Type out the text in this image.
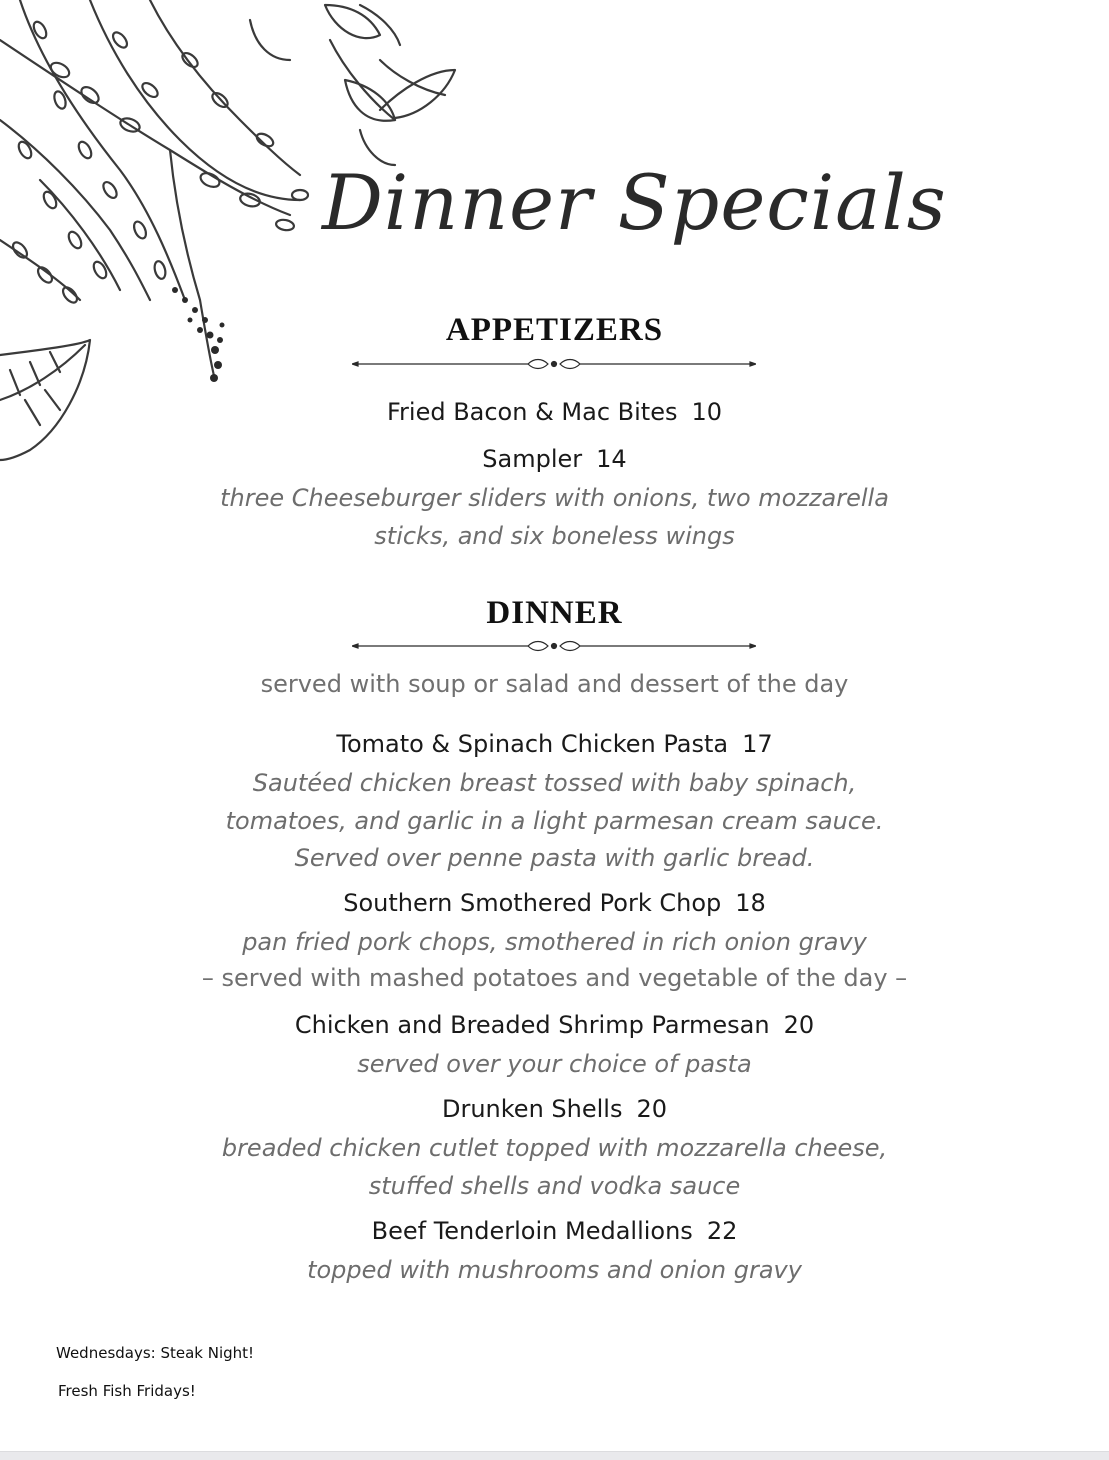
Dinner Specials
APPETIZERS
Fried Bacon & Mac Bites 10
Sampler 14
three Cheeseburger sliders with onions, two mozzarella
sticks, and six boneless wings
DINNER
served with soup or salad and dessert of the day
Tomato & Spinach Chicken Pasta 17
Sautéed chicken breast tossed with baby spinach,
tomatoes, and garlic in a light parmesan cream sauce.
Served over penne pasta with garlic bread.
Southern Smothered Pork Chop 18
pan fried pork chops, smothered in rich onion gravy
– served with mashed potatoes and vegetable of the day –
Chicken and Breaded Shrimp Parmesan 20
served over your choice of pasta
Drunken Shells 20
breaded chicken cutlet topped with mozzarella cheese,
stuffed shells and vodka sauce
Beef Tenderloin Medallions 22
topped with mushrooms and onion gravy
Wednesdays: Steak Night!
Fresh Fish Fridays!
